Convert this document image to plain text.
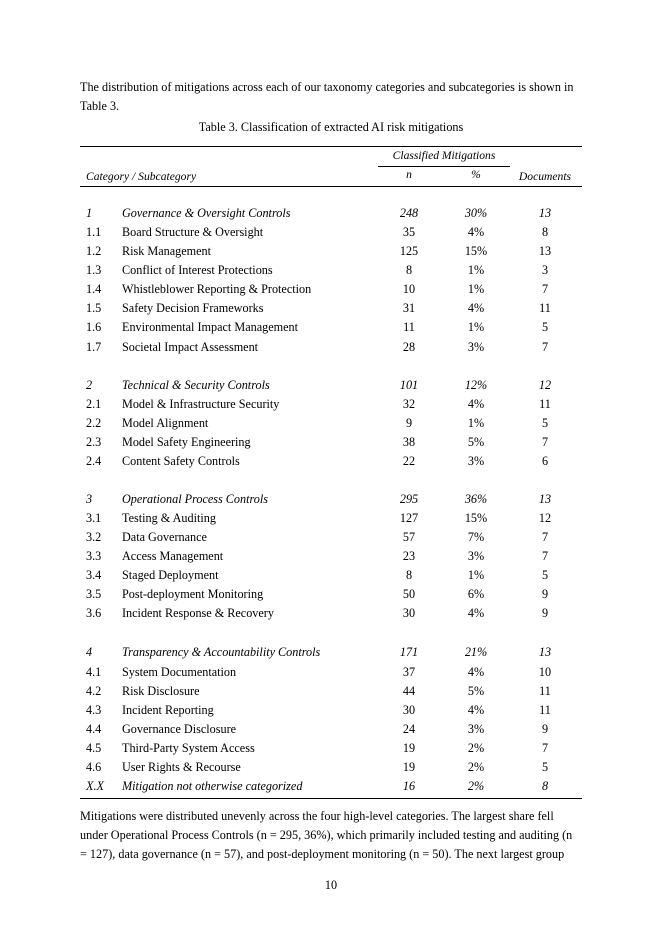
The distribution of mitigations across each of our taxonomy categories and subcategories is shown in Table 3.

Table 3. Classification of extracted AI risk mitigations
Classified Mitigations
Category / Subcategory	n	%	Documents
1 Governance & Oversight Controls	248	30%	13
1.1 Board Structure & Oversight	35	4%	8
1.2 Risk Management	125	15%	13
1.3 Conflict of Interest Protections	8	1%	3
1.4 Whistleblower Reporting & Protection	10	1%	7
1.5 Safety Decision Frameworks	31	4%	11
1.6 Environmental Impact Management	11	1%	5
1.7 Societal Impact Assessment	28	3%	7
2 Technical & Security Controls	101	12%	12
2.1 Model & Infrastructure Security	32	4%	11
2.2 Model Alignment	9	1%	5
2.3 Model Safety Engineering	38	5%	7
2.4 Content Safety Controls	22	3%	6
3 Operational Process Controls	295	36%	13
3.1 Testing & Auditing	127	15%	12
3.2 Data Governance	57	7%	7
3.3 Access Management	23	3%	7
3.4 Staged Deployment	8	1%	5
3.5 Post-deployment Monitoring	50	6%	9
3.6 Incident Response & Recovery	30	4%	9
4 Transparency & Accountability Controls	171	21%	13
4.1 System Documentation	37	4%	10
4.2 Risk Disclosure	44	5%	11
4.3 Incident Reporting	30	4%	11
4.4 Governance Disclosure	24	3%	9
4.5 Third-Party System Access	19	2%	7
4.6 User Rights & Recourse	19	2%	5
X.X Mitigation not otherwise categorized	16	2%	8

Mitigations were distributed unevenly across the four high-level categories. The largest share fell under Operational Process Controls (n = 295, 36%), which primarily included testing and auditing (n = 127), data governance (n = 57), and post-deployment monitoring (n = 50). The next largest group

10
